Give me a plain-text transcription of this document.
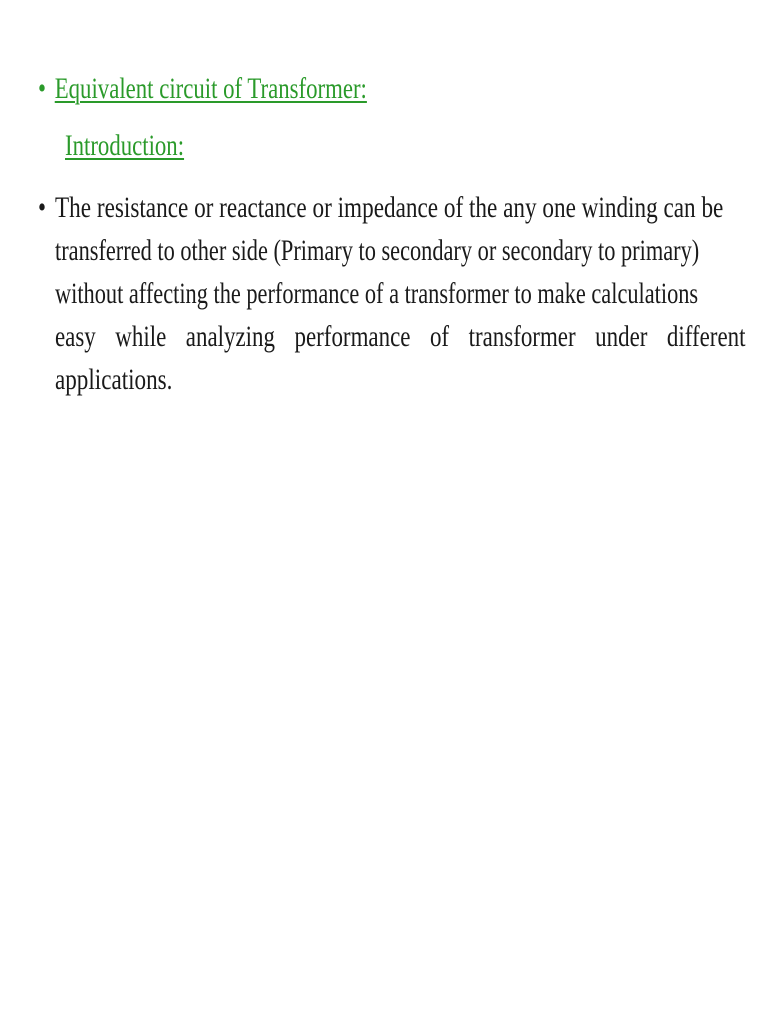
• Equivalent circuit of Transformer:
Introduction:
• The resistance or reactance or impedance of the any one winding can be
transferred to other side (Primary to secondary or secondary to primary)
without affecting the performance of a transformer to make calculations
easy while analyzing performance of transformer under different
applications.
